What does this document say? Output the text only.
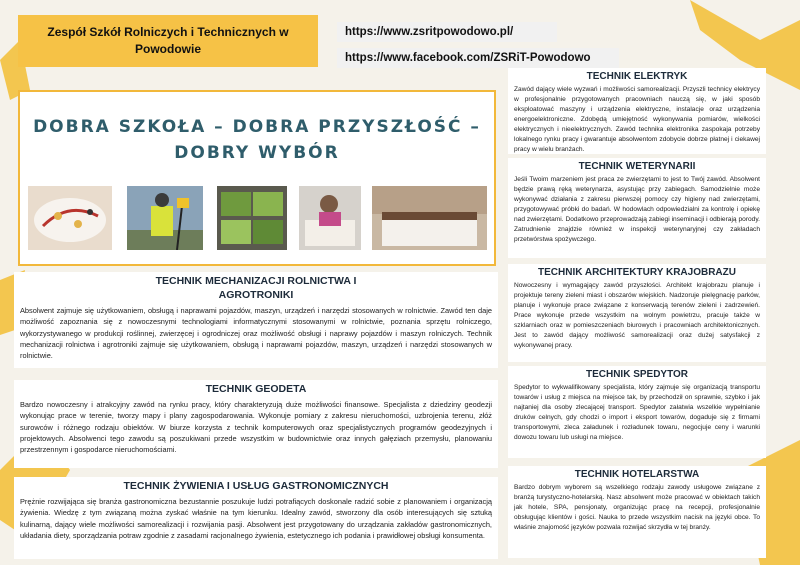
Zespół Szkół Rolniczych i Technicznych w Powodowie
https://www.zsritpowodowo.pl/
https://www.facebook.com/ZSRiT-Powodowo
DOBRA SZKOŁA – DOBRA PRZYSZŁOŚĆ –
DOBRY WYBÓR

TECHNIK MECHANIZACJI ROLNICTWA I

AGROTRONIKI

Absolwent zajmuje się użytkowaniem, obsługą i naprawami pojazdów, maszyn, urządzeń i narzędzi stosowanych w rolnictwie. Zawód ten daje możliwość zapoznania się z nowoczesnymi technologiami informatycznymi stosowanymi w rolnictwie, poznania sprzętu rolniczego, wykorzystywanego w produkcji roślinnej, zwierzęcej i ogrodniczej oraz możliwość obsługi i naprawy pojazdów i maszyn rolniczych. Technik mechanizacji rolnictwa i agrotroniki zajmuje się użytkowaniem, obsługą i naprawami pojazdów, maszyn, urządzeń i narzędzi stosowanych w rolnictwie.

TECHNIK GEODETA

Bardzo nowoczesny i atrakcyjny zawód na rynku pracy, który charakteryzują duże możliwości finansowe. Specjalista z dziedziny geodezji wykonując prace w terenie, tworzy mapy i plany zagospodarowania. Wykonuje pomiary z zakresu nieruchomości, uzbrojenia terenu, złóż surowców i różnego rodzaju obiektów. W biurze korzysta z technik komputerowych oraz specjalistycznych programów geodezyjnych i projektowych. Absolwenci tego zawodu są poszukiwani przede wszystkim w budownictwie oraz innych gałęziach przemysłu, planowaniu przestrzennym i gospodarce nieruchomościami.

TECHNIK ŻYWIENIA I USŁUG GASTRONOMICZNYCH

Prężnie rozwijająca się branża gastronomiczna bezustannie poszukuje ludzi potrafiących doskonale radzić sobie z planowaniem i organizacją żywienia. Wiedzę z tym związaną można zyskać właśnie na tym kierunku. Idealny zawód, stworzony dla osób interesujących się sztuką kulinarną, dający wiele możliwości samorealizacji i rozwijania pasji. Absolwent jest przygotowany do urządzania zakładów gastronomicznych, układania diety, sporządzania potraw zgodnie z zasadami racjonalnego żywienia, estetycznego ich podania i prawidłowej obsługi konsumenta.

TECHNIK ELEKTRYK

Zawód dający wiele wyzwań i możliwości samorealizacji. Przyszli technicy elektrycy w profesjonalnie przygotowanych pracowniach nauczą się, w jaki sposób eksploatować maszyny i urządzenia elektryczne, instalacje oraz urządzenia energoelektroniczne. Zdobędą umiejętność wykonywania pomiarów, wielkości elektrycznych i nieelektrycznych. Zawód technika elektronika zaspokaja potrzeby lokalnego rynku pracy i gwarantuje absolwentom zdobycie dobrze płatnej i ciekawej pracy w wielu branżach.

TECHNIK WETERYNARII

Jeśli Twoim marzeniem jest praca ze zwierzętami to jest to Twój zawód. Absolwent będzie prawą ręką weterynarza, asystując przy zabiegach. Samodzielnie może wykonywać działania z zakresu pierwszej pomocy czy higieny nad zwierzętami, przygotowywać próbki do badań. W hodowlach odpowiedzialni za kontrolę i opiekę nad zwierzętami. Dodatkowo przeprowadzają zabiegi inseminacji i odbierają porody. Zatrudnienie znajdzie również w inspekcji weterynaryjnej czy zakładach przetwórstwa spożywczego.

TECHNIK ARCHITEKTURY KRAJOBRAZU

Nowoczesny i wymagający zawód przyszłości. Architekt krajobrazu planuje i projektuje tereny zieleni miast i obszarów wiejskich. Nadzoruje pielęgnację parków, planuje i wykonuje prace związane z konserwacją terenów zieleni i zadrzewień. Prace wykonuje przede wszystkim na wolnym powietrzu, pracuje także w szklarniach oraz w pomieszczeniach biurowych i pracowniach architektonicznych. Jest to zawód dający możliwość samorealizacji oraz dużej satysfakcji z wykonywanej pracy.

TECHNIK SPEDYTOR

Spedytor to wykwalifikowany specjalista, który zajmuje się organizacją transportu towarów i usług z miejsca na miejsce tak, by przechodził on sprawnie, szybko i jak najtaniej dla osoby zlecającej transport. Spedytor załatwia wszelkie wypełnianie druków celnych, gdy chodzi o import i eksport towarów, dogaduje się z firmami transportowymi, zleca załadunek i rozładunek towaru, negocjuje ceny i warunki dowozu towaru lub usługi na miejsce.

TECHNIK HOTELARSTWA

Bardzo dobrym wyborem są wszelkiego rodzaju zawody usługowe związane z branżą turystyczno-hotelarską. Nasz absolwent może pracować w obiektach takich jak hotele, SPA, pensjonaty, organizując pracę na recepcji, profesjonalnie obsługując klientów i gości. Nauka to przede wszystkim nacisk na języki obce. To właśnie znajomość języków pozwala rozwijać skrzydła w tej branży.
